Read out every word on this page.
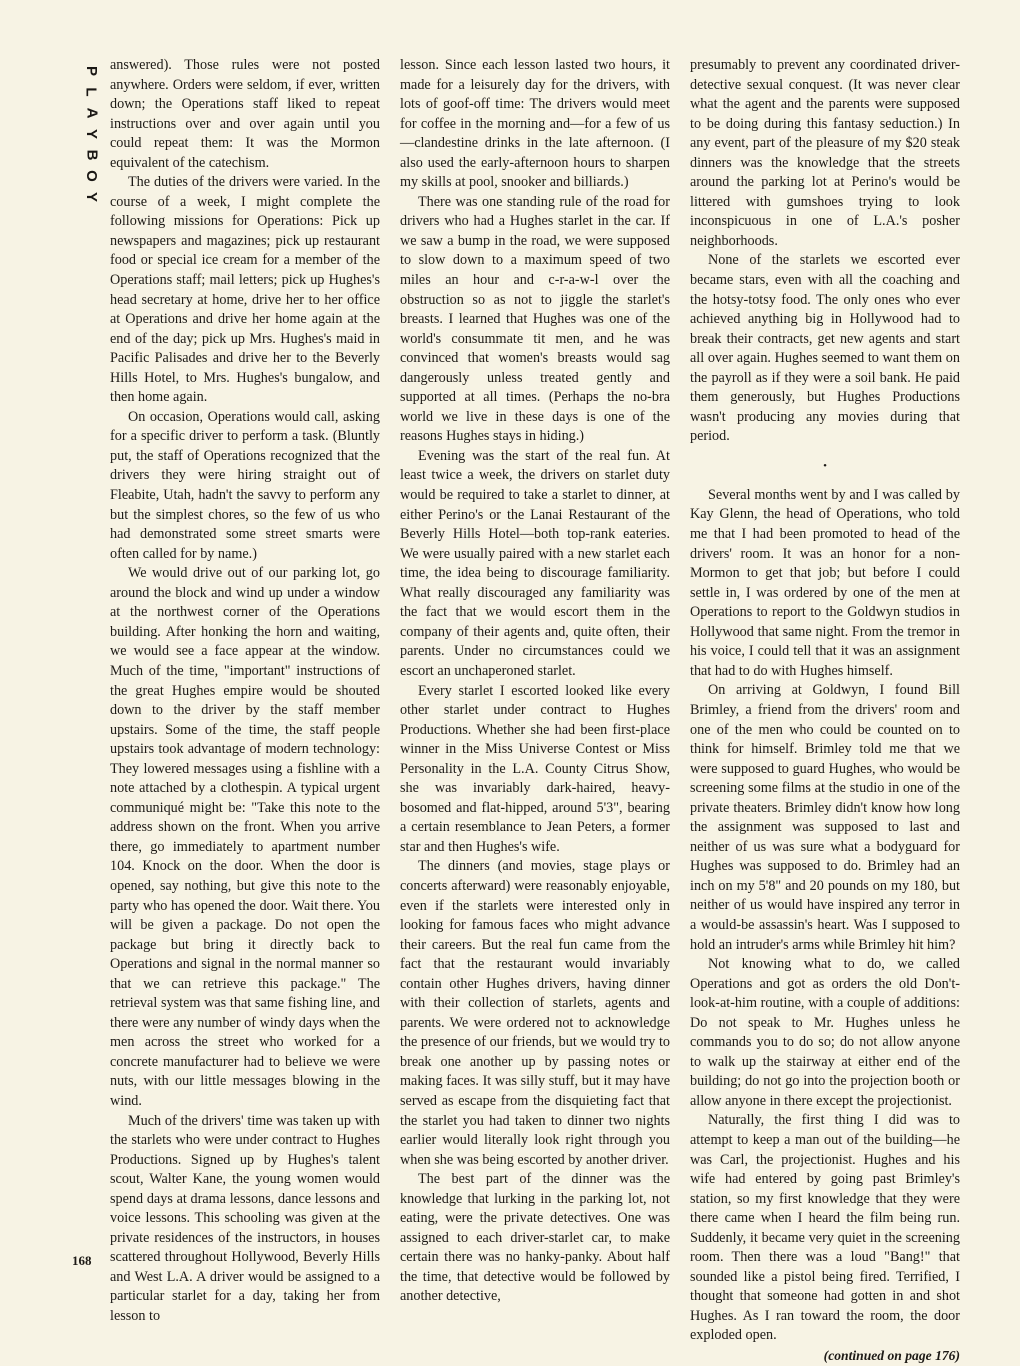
P
L
A
Y
B
O
Y

answered). Those rules were not posted anywhere. Orders were seldom, if ever, written down; the Operations staff liked to repeat instructions over and over again until you could repeat them: It was the Mormon equivalent of the catechism.

The duties of the drivers were varied. In the course of a week, I might complete the following missions for Operations: Pick up newspapers and magazines; pick up restaurant food or special ice cream for a member of the Operations staff; mail letters; pick up Hughes's head secretary at home, drive her to her office at Operations and drive her home again at the end of the day; pick up Mrs. Hughes's maid in Pacific Palisades and drive her to the Beverly Hills Hotel, to Mrs. Hughes's bungalow, and then home again.

On occasion, Operations would call, asking for a specific driver to perform a task. (Bluntly put, the staff of Operations recognized that the drivers they were hiring straight out of Fleabite, Utah, hadn't the savvy to perform any but the simplest chores, so the few of us who had demonstrated some street smarts were often called for by name.)

We would drive out of our parking lot, go around the block and wind up under a window at the northwest corner of the Operations building. After honking the horn and waiting, we would see a face appear at the window. Much of the time, "important" instructions of the great Hughes empire would be shouted down to the driver by the staff member upstairs. Some of the time, the staff people upstairs took advantage of modern technology: They lowered messages using a fishline with a note attached by a clothespin. A typical urgent communiqué might be: "Take this note to the address shown on the front. When you arrive there, go immediately to apartment number 104. Knock on the door. When the door is opened, say nothing, but give this note to the party who has opened the door. Wait there. You will be given a package. Do not open the package but bring it directly back to Operations and signal in the normal manner so that we can retrieve this package." The retrieval system was that same fishing line, and there were any number of windy days when the men across the street who worked for a concrete manufacturer had to believe we were nuts, with our little messages blowing in the wind.

Much of the drivers' time was taken up with the starlets who were under contract to Hughes Productions. Signed up by Hughes's talent scout, Walter Kane, the young women would spend days at drama lessons, dance lessons and voice lessons. This schooling was given at the private residences of the instructors, in houses scattered throughout Hollywood, Beverly Hills and West L.A. A driver would be assigned to a particular starlet for a day, taking her from lesson to

lesson. Since each lesson lasted two hours, it made for a leisurely day for the drivers, with lots of goof-off time: The drivers would meet for coffee in the morning and—for a few of us—clandestine drinks in the late afternoon. (I also used the early-afternoon hours to sharpen my skills at pool, snooker and billiards.)

There was one standing rule of the road for drivers who had a Hughes starlet in the car. If we saw a bump in the road, we were supposed to slow down to a maximum speed of two miles an hour and c-r-a-w-l over the obstruction so as not to jiggle the starlet's breasts. I learned that Hughes was one of the world's consummate tit men, and he was convinced that women's breasts would sag dangerously unless treated gently and supported at all times. (Perhaps the no-bra world we live in these days is one of the reasons Hughes stays in hiding.)

Evening was the start of the real fun. At least twice a week, the drivers on starlet duty would be required to take a starlet to dinner, at either Perino's or the Lanai Restaurant of the Beverly Hills Hotel—both top-rank eateries. We were usually paired with a new starlet each time, the idea being to discourage familiarity. What really discouraged any familiarity was the fact that we would escort them in the company of their agents and, quite often, their parents. Under no circumstances could we escort an unchaperoned starlet.

Every starlet I escorted looked like every other starlet under contract to Hughes Productions. Whether she had been first-place winner in the Miss Universe Contest or Miss Personality in the L.A. County Citrus Show, she was invariably dark-haired, heavy-bosomed and flat-hipped, around 5'3", bearing a certain resemblance to Jean Peters, a former star and then Hughes's wife.

The dinners (and movies, stage plays or concerts afterward) were reasonably enjoyable, even if the starlets were interested only in looking for famous faces who might advance their careers. But the real fun came from the fact that the restaurant would invariably contain other Hughes drivers, having dinner with their collection of starlets, agents and parents. We were ordered not to acknowledge the presence of our friends, but we would try to break one another up by passing notes or making faces. It was silly stuff, but it may have served as escape from the disquieting fact that the starlet you had taken to dinner two nights earlier would literally look right through you when she was being escorted by another driver.

The best part of the dinner was the knowledge that lurking in the parking lot, not eating, were the private detectives. One was assigned to each driver-starlet car, to make certain there was no hanky-panky. About half the time, that detective would be followed by another detective,

presumably to prevent any coordinated driver-detective sexual conquest. (It was never clear what the agent and the parents were supposed to be doing during this fantasy seduction.) In any event, part of the pleasure of my $20 steak dinners was the knowledge that the streets around the parking lot at Perino's would be littered with gumshoes trying to look inconspicuous in one of L.A.'s posher neighborhoods.

None of the starlets we escorted ever became stars, even with all the coaching and the hotsy-totsy food. The only ones who ever achieved anything big in Hollywood had to break their contracts, get new agents and start all over again. Hughes seemed to want them on the payroll as if they were a soil bank. He paid them generously, but Hughes Productions wasn't producing any movies during that period.

•

Several months went by and I was called by Kay Glenn, the head of Operations, who told me that I had been promoted to head of the drivers' room. It was an honor for a non-Mormon to get that job; but before I could settle in, I was ordered by one of the men at Operations to report to the Goldwyn studios in Hollywood that same night. From the tremor in his voice, I could tell that it was an assignment that had to do with Hughes himself.

On arriving at Goldwyn, I found Bill Brimley, a friend from the drivers' room and one of the men who could be counted on to think for himself. Brimley told me that we were supposed to guard Hughes, who would be screening some films at the studio in one of the private theaters. Brimley didn't know how long the assignment was supposed to last and neither of us was sure what a bodyguard for Hughes was supposed to do. Brimley had an inch on my 5'8" and 20 pounds on my 180, but neither of us would have inspired any terror in a would-be assassin's heart. Was I supposed to hold an intruder's arms while Brimley hit him?

Not knowing what to do, we called Operations and got as orders the old Don't-look-at-him routine, with a couple of additions: Do not speak to Mr. Hughes unless he commands you to do so; do not allow anyone to walk up the stairway at either end of the building; do not go into the projection booth or allow anyone in there except the projectionist.

Naturally, the first thing I did was to attempt to keep a man out of the building—he was Carl, the projectionist. Hughes and his wife had entered by going past Brimley's station, so my first knowledge that they were there came when I heard the film being run. Suddenly, it became very quiet in the screening room. Then there was a loud "Bang!" that sounded like a pistol being fired. Terrified, I thought that someone had gotten in and shot Hughes. As I ran toward the room, the door exploded open.

(continued on page 176)

168
